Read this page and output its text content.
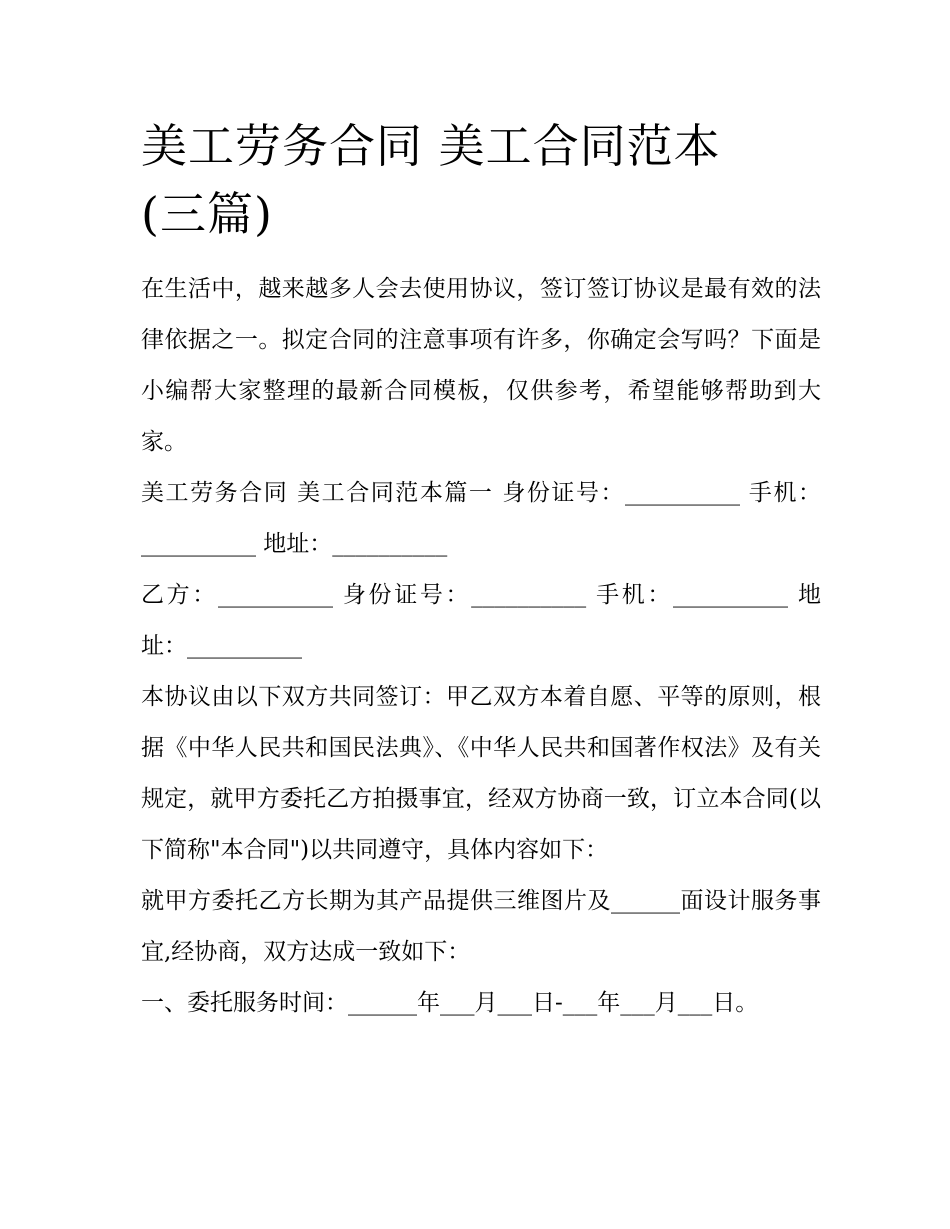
美工劳务合同 美工合同范本
(三篇)

在生活中，越来越多人会去使用协议，签订签订协议是最有效的法律依据之一。拟定合同的注意事项有许多，你确定会写吗？下面是小编帮大家整理的最新合同模板，仅供参考，希望能够帮助到大家。

美工劳务合同 美工合同范本篇一 身份证号：__________ 手机：__________ 地址：__________

乙方：__________ 身份证号：__________ 手机：__________ 地址：__________

本协议由以下双方共同签订：甲乙双方本着自愿、平等的原则，根据《中华人民共和国民法典》、《中华人民共和国著作权法》及有关规定，就甲方委托乙方拍摄事宜，经双方协商一致，订立本合同(以下简称"本合同")以共同遵守，具体内容如下：

就甲方委托乙方长期为其产品提供三维图片及______面设计服务事宜,经协商，双方达成一致如下：

一、委托服务时间：______年___月___日-___年___月___日。
